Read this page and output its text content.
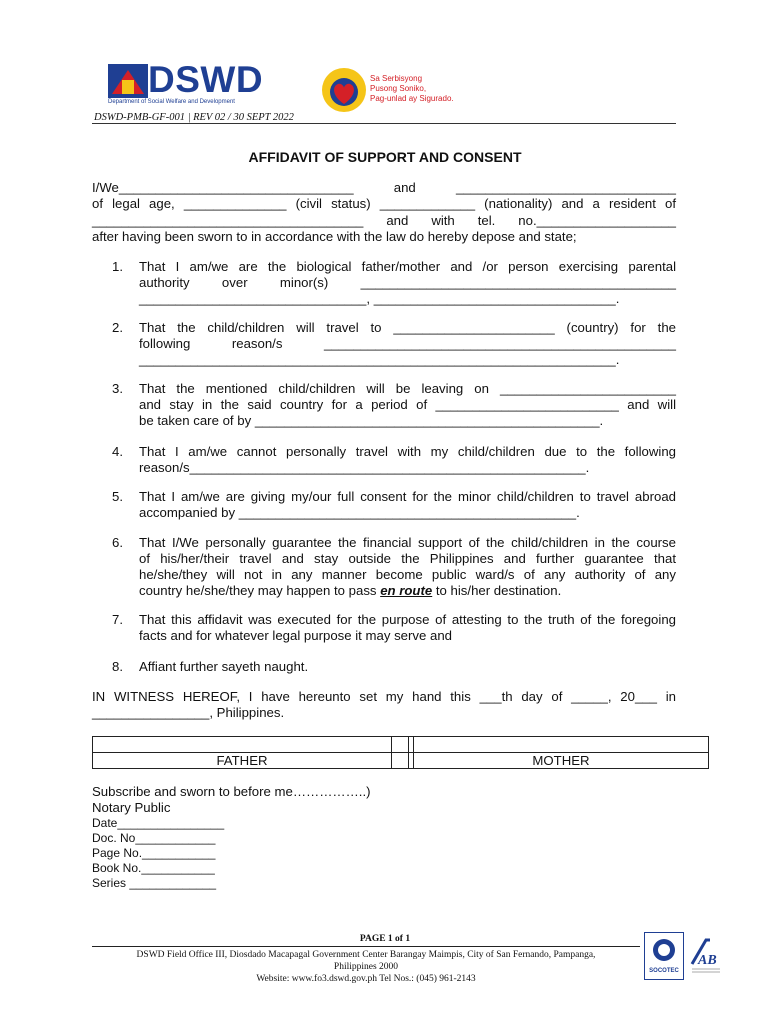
DSWD
Department of Social Welfare and Development
Sa Serbisyong
Pusong Soniko,
Pag-unlad ay Sigurado.
DSWD-PMB-GF-001 | REV 02 / 30 SEPT 2022
AFFIDAVIT OF SUPPORT AND CONSENT
I/We________________________________ and ______________________________
of legal age, ______________ (civil status) _____________ (nationality) and a resident of
_____________________________________ and with tel. no.___________________
after having been sworn to in accordance with the law do hereby depose and state;
1. That I am/we are the biological father/mother and /or person exercising parental
authority over minor(s) ___________________________________________
_______________________________, _________________________________.
2. That the child/children will travel to ______________________ (country) for the
following reason/s ________________________________________________
_________________________________________________________________.
3. That the mentioned child/children will be leaving on ________________________
and stay in the said country for a period of _________________________ and will
be taken care of by _______________________________________________.
4. That I am/we cannot personally travel with my child/children due to the following
reason/s______________________________________________________.
5. That I am/we are giving my/our full consent for the minor child/children to travel abroad
accompanied by ______________________________________________.
6. That I/We personally guarantee the financial support of the child/children in the course
of his/her/their travel and stay outside the Philippines and further guarantee that
he/she/they will not in any manner become public ward/s of any authority of any
country he/she/they may happen to pass en route to his/her destination.
7. That this affidavit was executed for the purpose of attesting to the truth of the foregoing
facts and for whatever legal purpose it may serve and
8. Affiant further sayeth naught.
IN WITNESS HEREOF, I have hereunto set my hand this ___th day of _____, 20___ in
________________, Philippines.

FATHER			MOTHER
Subscribe and sworn to before me……………..)
Notary Public
Date________________
Doc. No____________
Page No.___________
Book No.___________
Series _____________
PAGE 1 of 1
DSWD Field Office III, Diosdado Macapagal Government Center Barangay Maimpis, City of San Fernando, Pampanga,
Philippines 2000
Website: www.fo3.dswd.gov.ph Tel Nos.: (045) 961-2143
SOCOTEC
AB
